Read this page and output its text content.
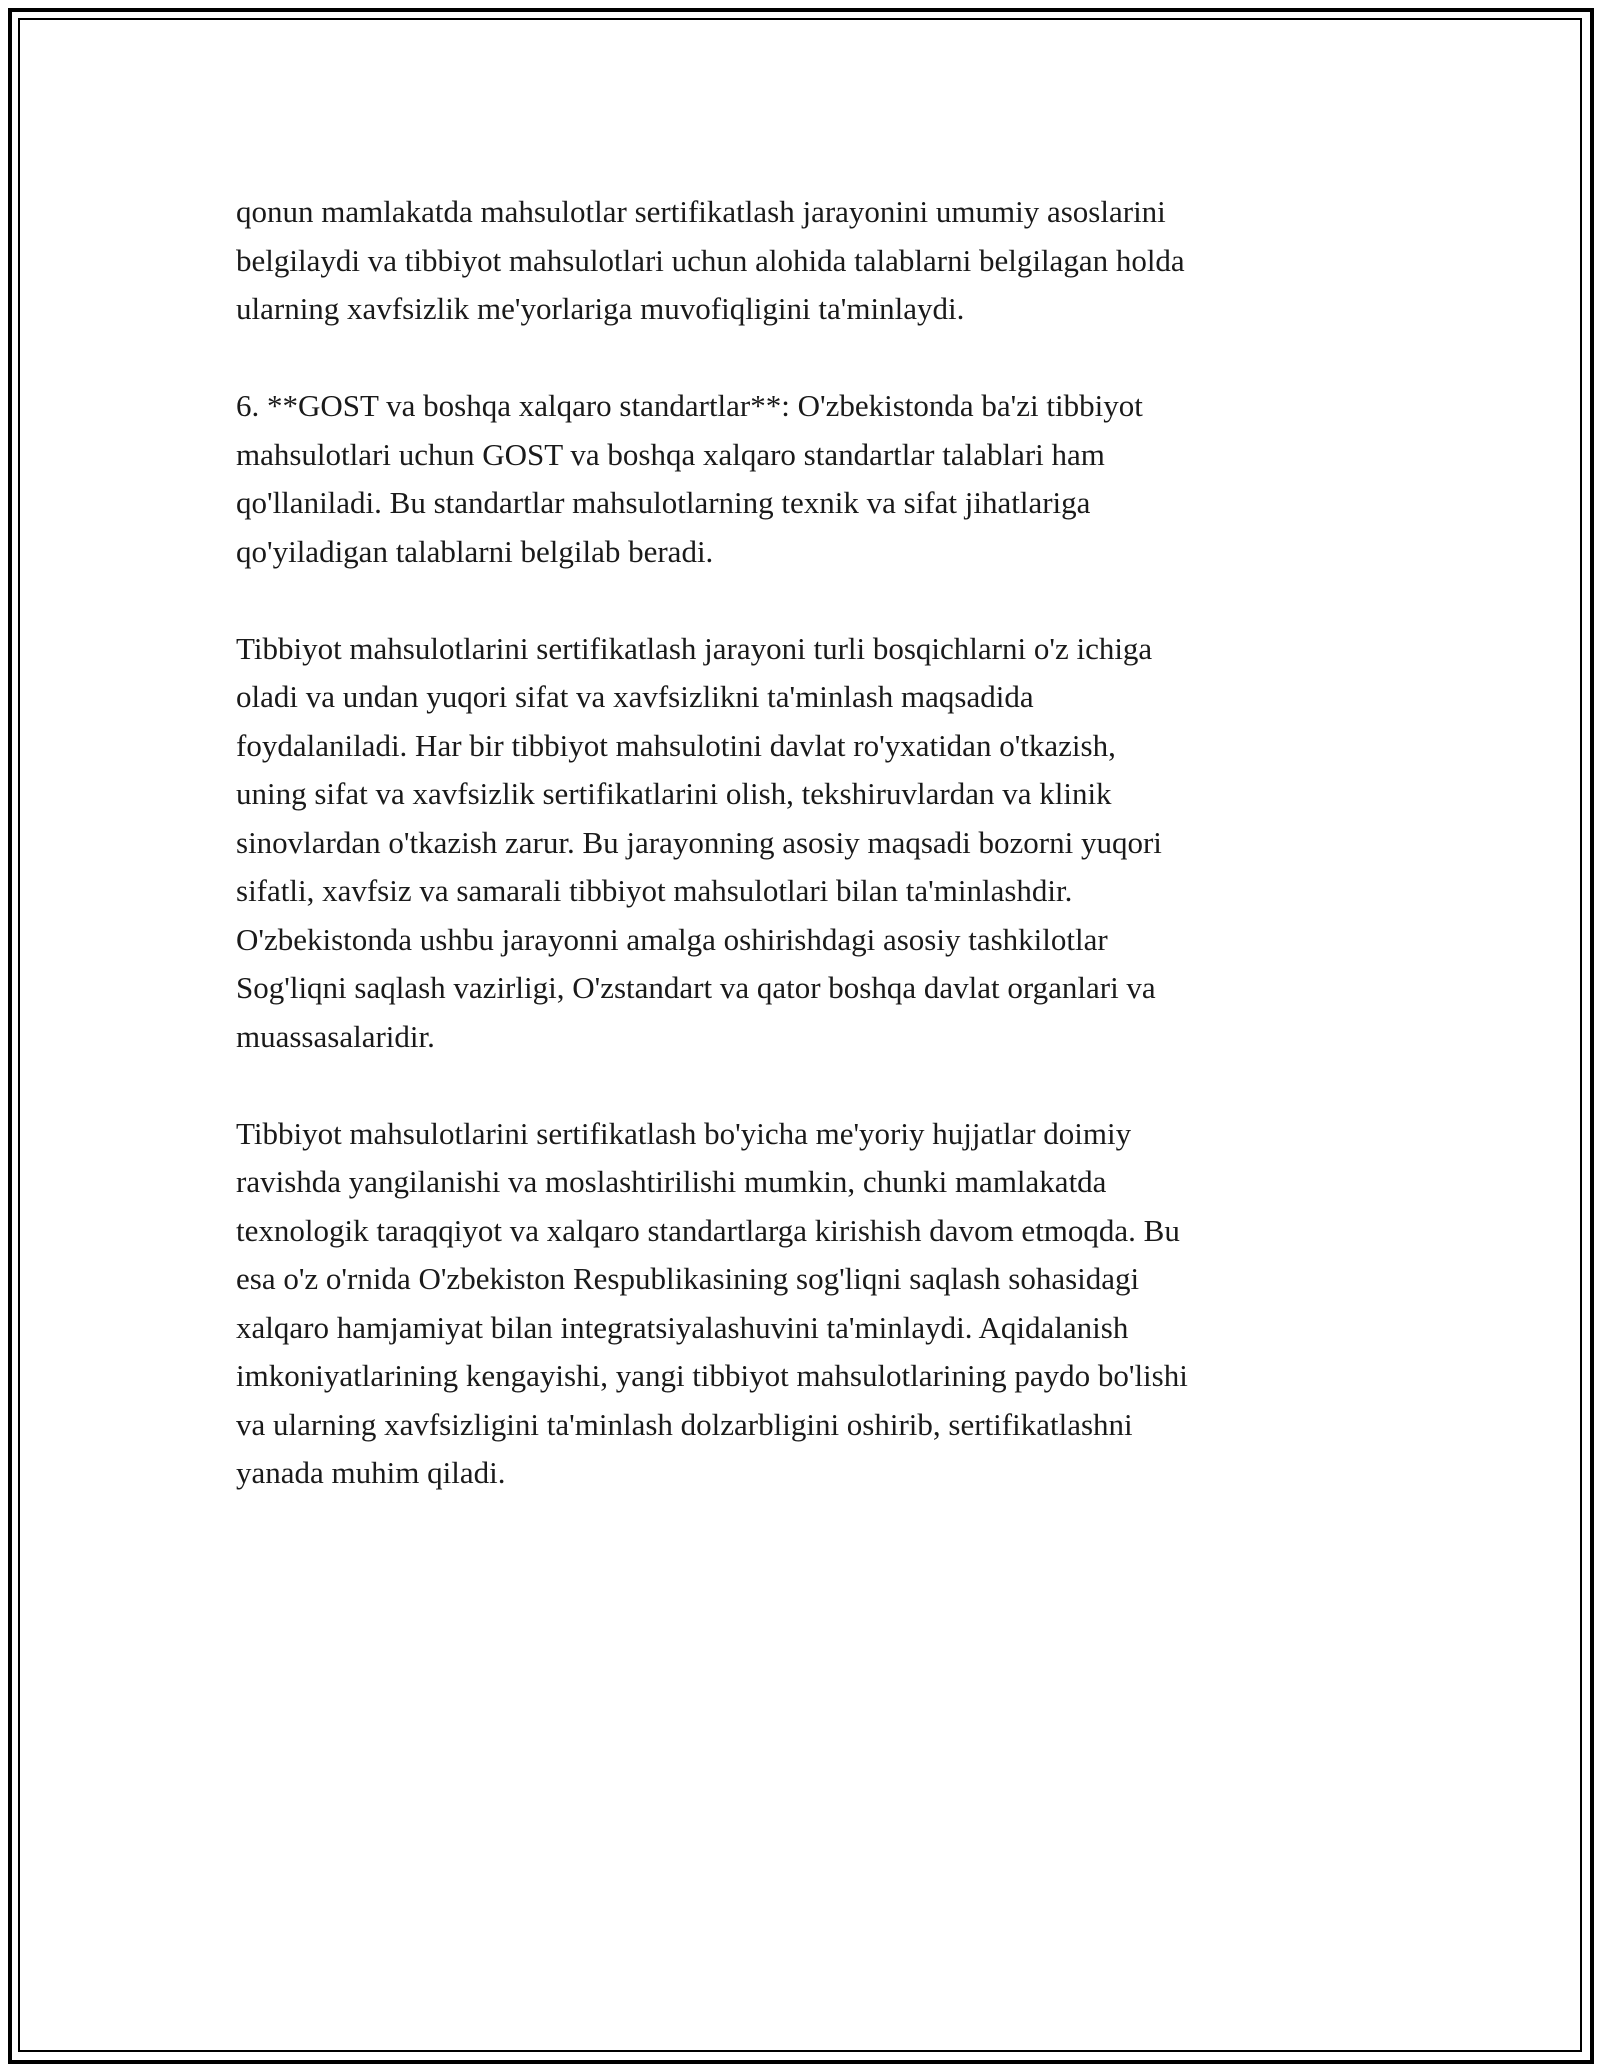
qonun mamlakatda mahsulotlar sertifikatlash jarayonini umumiy asoslarini
belgilaydi va tibbiyot mahsulotlari uchun alohida talablarni belgilagan holda
ularning xavfsizlik me'yorlariga muvofiqligini ta'minlaydi.

6. **GOST va boshqa xalqaro standartlar**: O'zbekistonda ba'zi tibbiyot
mahsulotlari uchun GOST va boshqa xalqaro standartlar talablari ham
qo'llaniladi. Bu standartlar mahsulotlarning texnik va sifat jihatlariga
qo'yiladigan talablarni belgilab beradi.

Tibbiyot mahsulotlarini sertifikatlash jarayoni turli bosqichlarni o'z ichiga
oladi va undan yuqori sifat va xavfsizlikni ta'minlash maqsadida
foydalaniladi. Har bir tibbiyot mahsulotini davlat ro'yxatidan o'tkazish,
uning sifat va xavfsizlik sertifikatlarini olish, tekshiruvlardan va klinik
sinovlardan o'tkazish zarur. Bu jarayonning asosiy maqsadi bozorni yuqori
sifatli, xavfsiz va samarali tibbiyot mahsulotlari bilan ta'minlashdir.
O'zbekistonda ushbu jarayonni amalga oshirishdagi asosiy tashkilotlar
Sog'liqni saqlash vazirligi, O'zstandart va qator boshqa davlat organlari va
muassasalaridir.

Tibbiyot mahsulotlarini sertifikatlash bo'yicha me'yoriy hujjatlar doimiy
ravishda yangilanishi va moslashtirilishi mumkin, chunki mamlakatda
texnologik taraqqiyot va xalqaro standartlarga kirishish davom etmoqda. Bu
esa o'z o'rnida O'zbekiston Respublikasining sog'liqni saqlash sohasidagi
xalqaro hamjamiyat bilan integratsiyalashuvini ta'minlaydi. Aqidalanish
imkoniyatlarining kengayishi, yangi tibbiyot mahsulotlarining paydo bo'lishi
va ularning xavfsizligini ta'minlash dolzarbligini oshirib, sertifikatlashni
yanada muhim qiladi.
